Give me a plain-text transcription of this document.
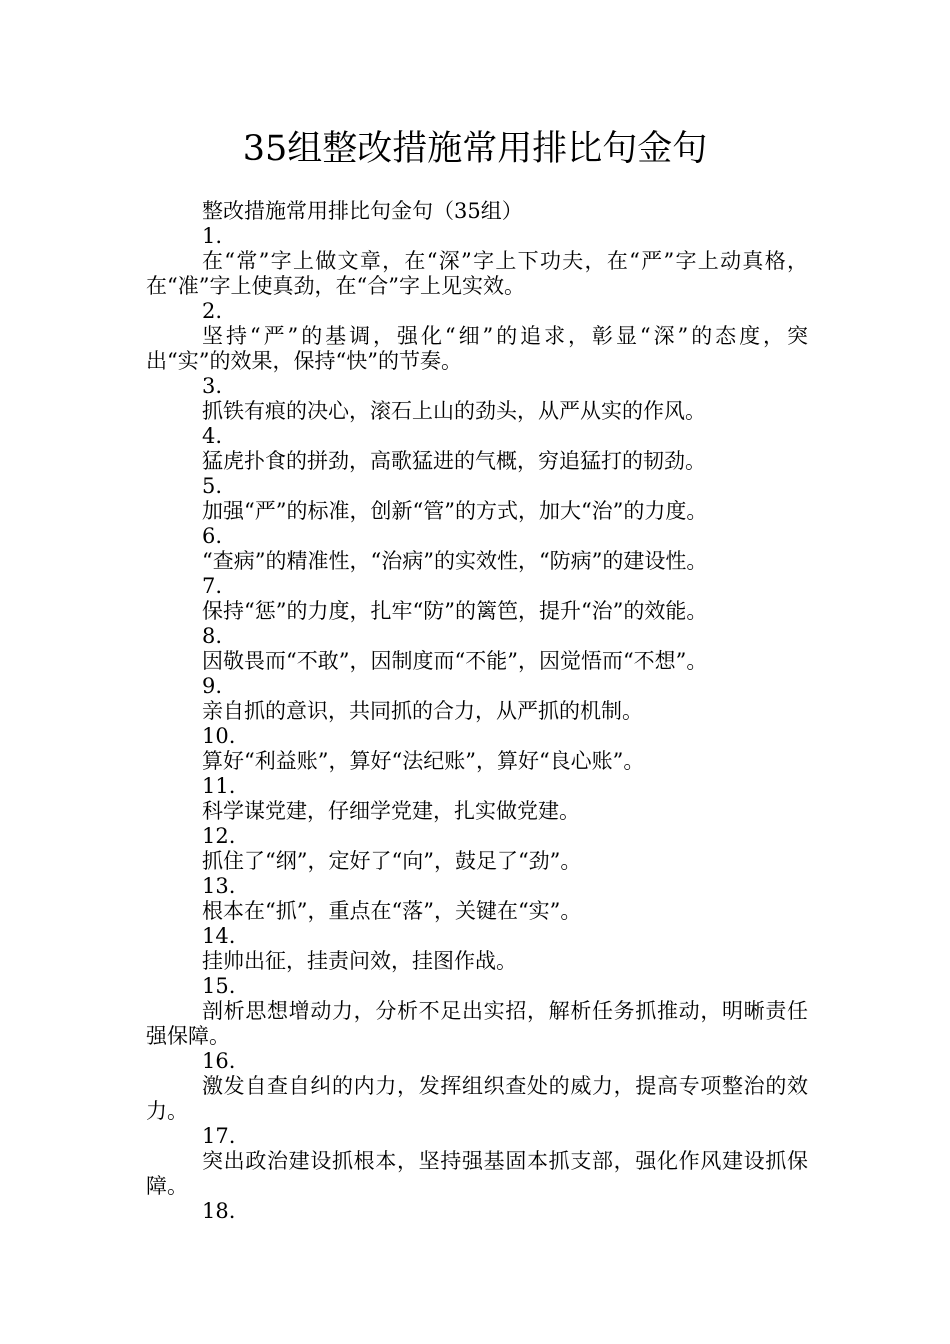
35组整改措施常用排比句金句
整改措施常用排比句金句（35组）
1.
在“常”字上做文章，在“深”字上下功夫，在“严”字上动真格，在“准”字上使真劲，在“合”字上见实效。
2.
坚持“严”的基调，强化“细”的追求，彰显“深”的态度，突出“实”的效果，保持“快”的节奏。
3.
抓铁有痕的决心，滚石上山的劲头，从严从实的作风。
4.
猛虎扑食的拼劲，高歌猛进的气概，穷追猛打的韧劲。
5.
加强“严”的标准，创新“管”的方式，加大“治”的力度。
6.
“查病”的精准性，“治病”的实效性，“防病”的建设性。
7.
保持“惩”的力度，扎牢“防”的篱笆，提升“治”的效能。
8.
因敬畏而“不敢”，因制度而“不能”，因觉悟而“不想”。
9.
亲自抓的意识，共同抓的合力，从严抓的机制。
10.
算好“利益账”，算好“法纪账”，算好“良心账”。
11.
科学谋党建，仔细学党建，扎实做党建。
12.
抓住了“纲”，定好了“向”，鼓足了“劲”。
13.
根本在“抓”，重点在“落”，关键在“实”。
14.
挂帅出征，挂责问效，挂图作战。
15.
剖析思想增动力，分析不足出实招，解析任务抓推动，明晰责任强保障。
16.
激发自查自纠的内力，发挥组织查处的威力，提高专项整治的效力。
17.
突出政治建设抓根本，坚持强基固本抓支部，强化作风建设抓保障。
18.
